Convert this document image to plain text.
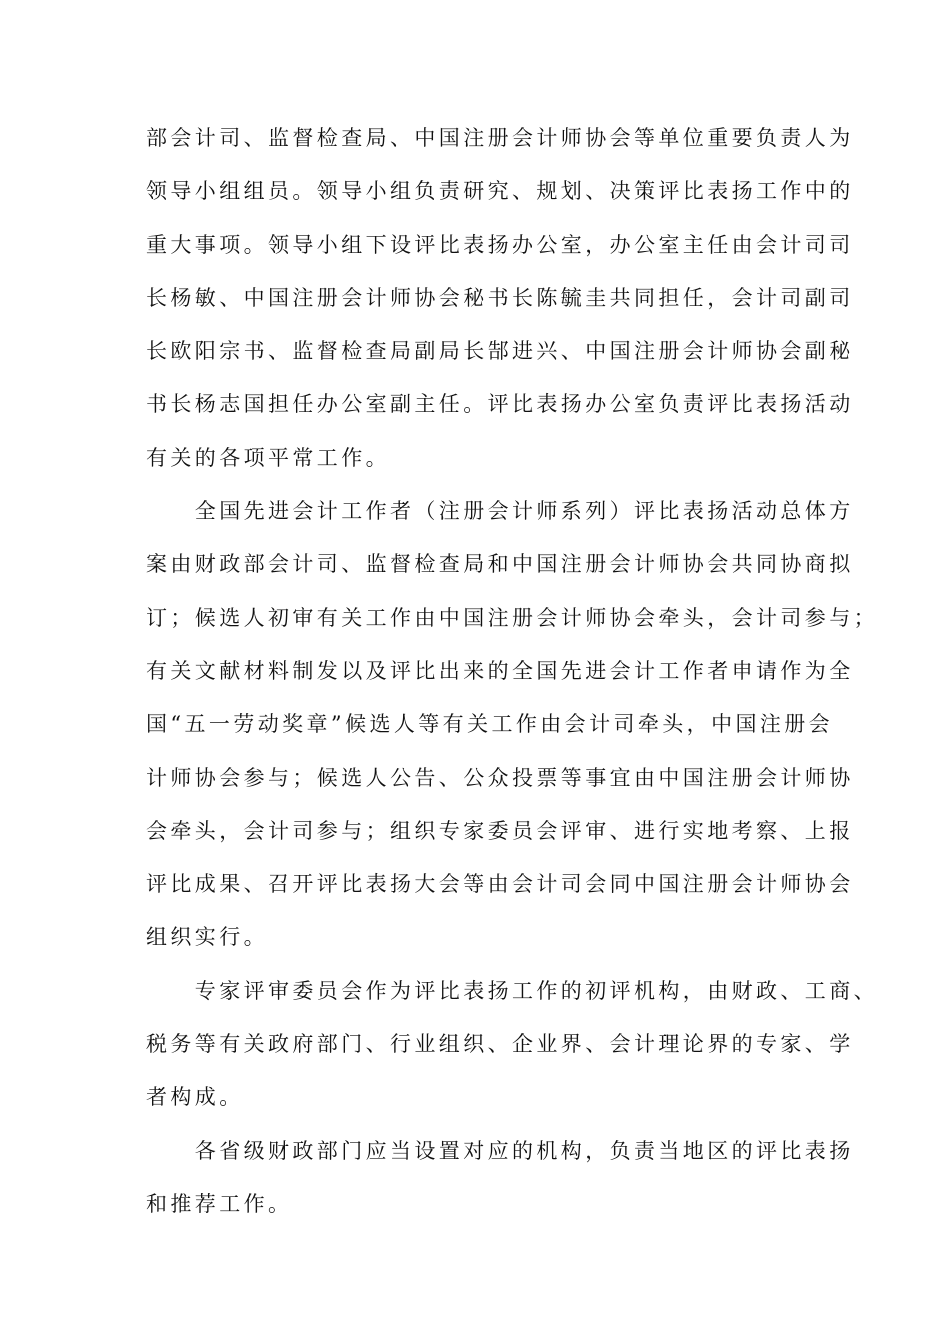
部会计司、监督检查局、中国注册会计师协会等单位重要负责人为
领导小组组员。领导小组负责研究、规划、决策评比表扬工作中的
重大事项。领导小组下设评比表扬办公室，办公室主任由会计司司
长杨敏、中国注册会计师协会秘书长陈毓圭共同担任，会计司副司
长欧阳宗书、监督检查局副局长郜进兴、中国注册会计师协会副秘
书长杨志国担任办公室副主任。评比表扬办公室负责评比表扬活动
有关的各项平常工作。
　　全国先进会计工作者（注册会计师系列）评比表扬活动总体方
案由财政部会计司、监督检查局和中国注册会计师协会共同协商拟
订；候选人初审有关工作由中国注册会计师协会牵头，会计司参与；
有关文献材料制发以及评比出来的全国先进会计工作者申请作为全
国“五一劳动奖章”候选人等有关工作由会计司牵头，中国注册会
计师协会参与；候选人公告、公众投票等事宜由中国注册会计师协
会牵头，会计司参与；组织专家委员会评审、进行实地考察、上报
评比成果、召开评比表扬大会等由会计司会同中国注册会计师协会
组织实行。
　　专家评审委员会作为评比表扬工作的初评机构，由财政、工商、
税务等有关政府部门、行业组织、企业界、会计理论界的专家、学
者构成。
　　各省级财政部门应当设置对应的机构，负责当地区的评比表扬
和推荐工作。
